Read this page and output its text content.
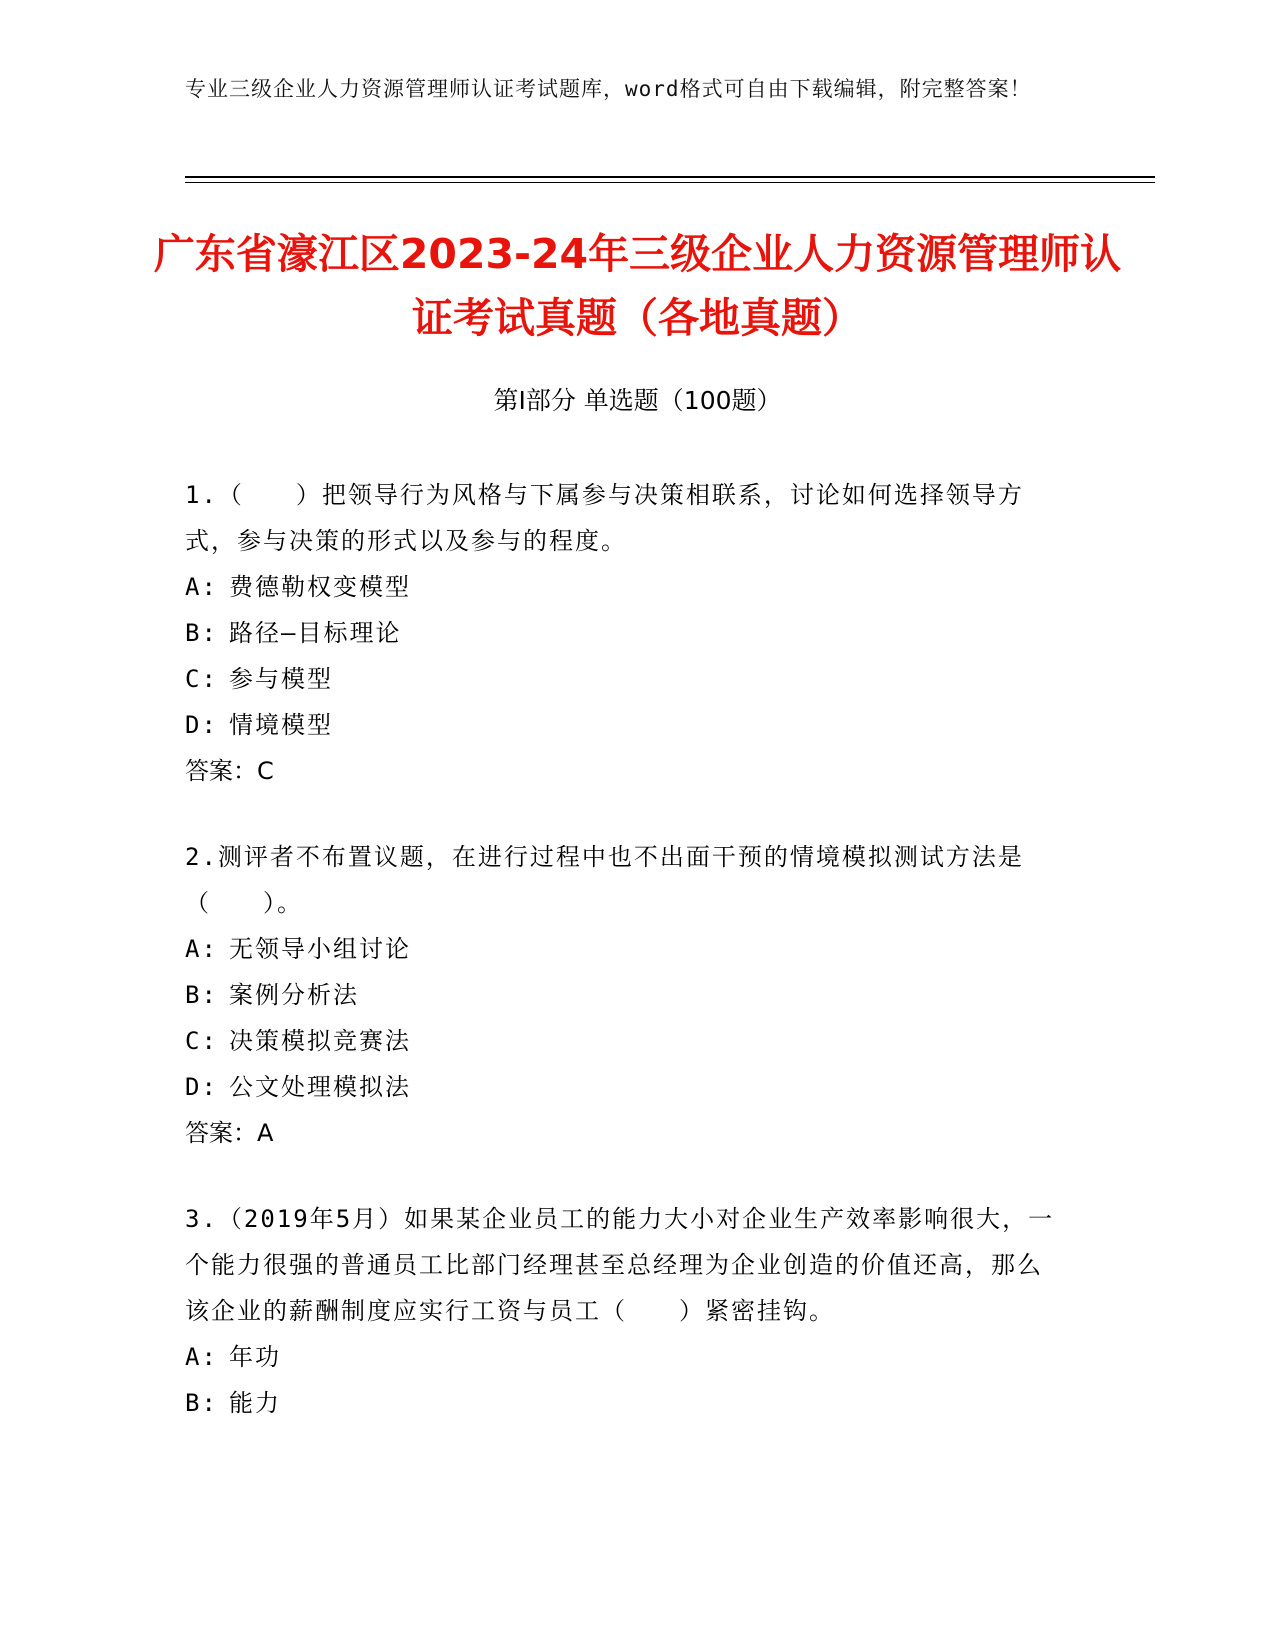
专业三级企业人力资源管理师认证考试题库，word格式可自由下载编辑，附完整答案！
广东省濠江区2023-24年三级企业人力资源管理师认证考试真题（各地真题）
第I部分 单选题（100题）

1.（　　）把领导行为风格与下属参与决策相联系，讨论如何选择领导方式，参与决策的形式以及参与的程度。

A: 费德勒权变模型
B: 路径—目标理论
C: 参与模型
D: 情境模型
答案：C

2.测评者不布置议题，在进行过程中也不出面干预的情境模拟测试方法是（　　）。

A: 无领导小组讨论
B: 案例分析法
C: 决策模拟竞赛法
D: 公文处理模拟法
答案：A

3.（2019年5月）如果某企业员工的能力大小对企业生产效率影响很大，一个能力很强的普通员工比部门经理甚至总经理为企业创造的价值还高，那么该企业的薪酬制度应实行工资与员工（　　）紧密挂钩。

A: 年功
B: 能力
